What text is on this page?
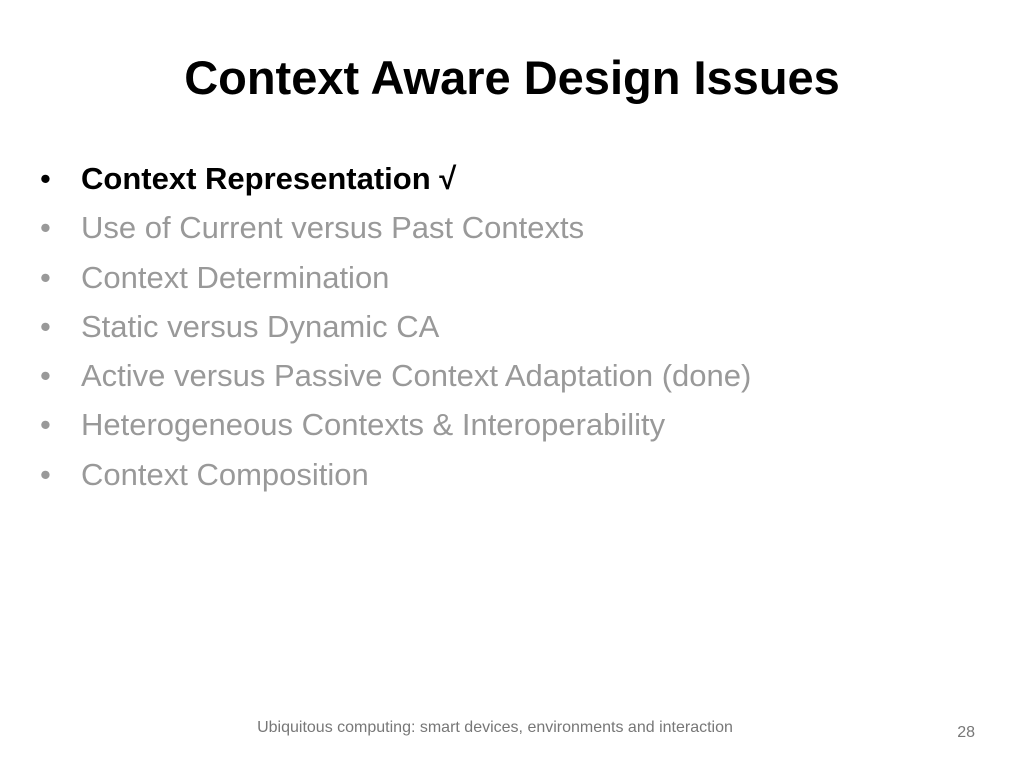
Context Aware Design Issues
• Context Representation √
• Use of Current versus Past Contexts
• Context Determination
• Static versus Dynamic CA
• Active versus Passive Context Adaptation (done)
• Heterogeneous Contexts & Interoperability
• Context Composition
Ubiquitous computing: smart devices, environments and interaction	28
